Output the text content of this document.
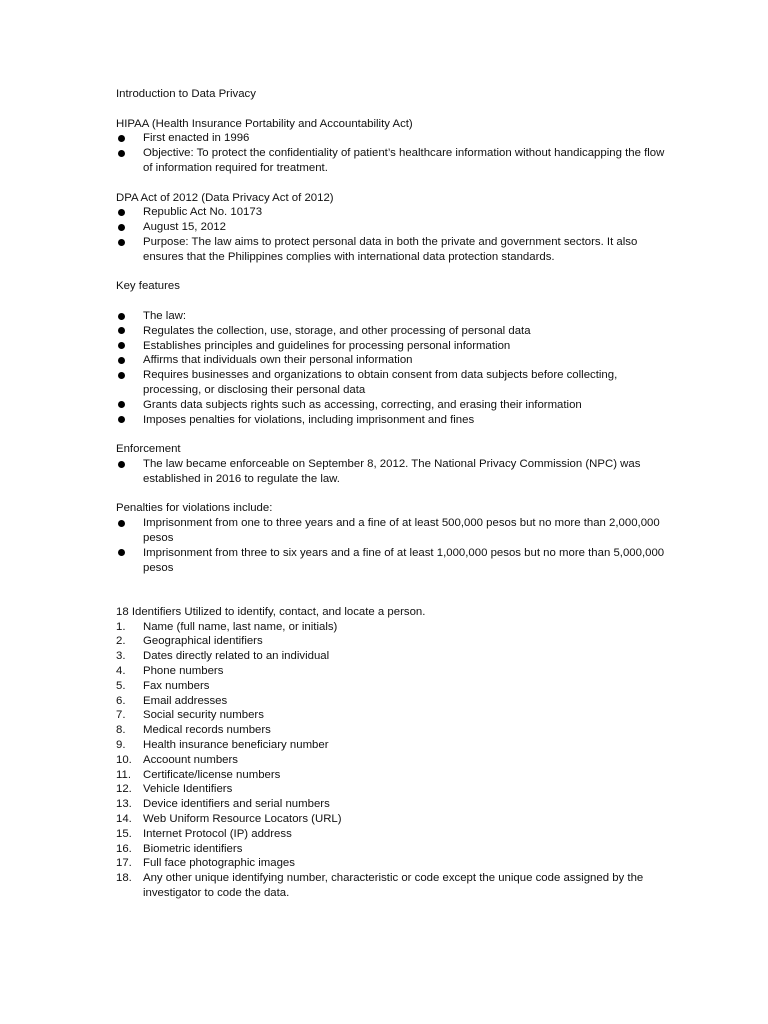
Introduction to Data Privacy
HIPAA (Health Insurance Portability and Accountability Act)
First enacted in 1996
Objective: To protect the confidentiality of patient’s healthcare information without handicapping the flow of information required for treatment.
DPA Act of 2012 (Data Privacy Act of 2012)
Republic Act No. 10173
August 15, 2012
Purpose: The law aims to protect personal data in both the private and government sectors. It also ensures that the Philippines complies with international data protection standards.
Key features
The law:
Regulates the collection, use, storage, and other processing of personal data
Establishes principles and guidelines for processing personal information
Affirms that individuals own their personal information
Requires businesses and organizations to obtain consent from data subjects before collecting, processing, or disclosing their personal data
Grants data subjects rights such as accessing, correcting, and erasing their information
Imposes penalties for violations, including imprisonment and fines
Enforcement
The law became enforceable on September 8, 2012. The National Privacy Commission (NPC) was established in 2016 to regulate the law.
Penalties for violations include:
Imprisonment from one to three years and a fine of at least 500,000 pesos but no more than 2,000,000 pesos
Imprisonment from three to six years and a fine of at least 1,000,000 pesos but no more than 5,000,000 pesos
18 Identifiers Utilized to identify, contact, and locate a person.
1.	Name (full name, last name, or initials)
2.	Geographical identifiers
3.	Dates directly related to an individual
4.	Phone numbers
5.	Fax numbers
6.	Email addresses
7.	Social security numbers
8.	Medical records numbers
9.	Health insurance beneficiary number
10. Accoount numbers
11.	Certificate/license numbers
12. Vehicle Identifiers
13. Device identifiers and serial numbers
14. Web Uniform Resource Locators (URL)
15. Internet Protocol (IP) address
16. Biometric identifiers
17. Full face photographic images
18. Any other unique identifying number, characteristic or code except the unique code assigned by the investigator to code the data.
